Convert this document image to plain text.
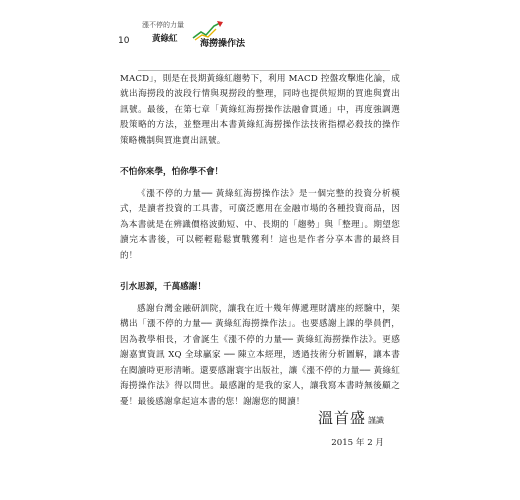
10
漲不停的力量
黃綠紅 海撈操作法

MACD」，則是在長期黃綠紅趨勢下，利用 MACD 控盤攻擊進化論，成就出海撈段的波段行情與現撈段的整理，同時也提供短期的買進與賣出訊號。最後，在第七章「黃綠紅海撈操作法融會貫通」中，再度強調選股策略的方法，並整理出本書黃綠紅海撈操作法技術指標必殺技的操作策略機制與買進賣出訊號。

不怕你來學，怕你學不會！

《漲不停的力量── 黃綠紅海撈操作法》是一個完整的投資分析模式，是讀者投資的工具書，可廣泛應用在金融市場的各種投資商品，因為本書就是在辨識價格波動短、中、長期的「趨勢」與「整理」。期望您讀完本書後，可以輕輕鬆鬆實戰獲利！這也是作者分享本書的最終目的！

引水思源，千萬感謝！

感謝台灣金融研訓院，讓我在近十幾年傳遞理財講座的經驗中，架構出「漲不停的力量── 黃綠紅海撈操作法」。也要感謝上課的學員們，因為教學相長，才會誕生《漲不停的力量── 黃綠紅海撈操作法》。更感謝嘉實資訊 XQ 全球贏家 ── 陳立本經理，透過技術分析圖解，讓本書在閱讀時更形清晰。還要感謝寰宇出版社，讓《漲不停的力量── 黃綠紅海撈操作法》得以問世。最感謝的是我的家人，讓我寫本書時無後顧之憂！最後感謝拿起這本書的您！謝謝您的閱讀！

溫首盛 謹識
2015 年 2 月
